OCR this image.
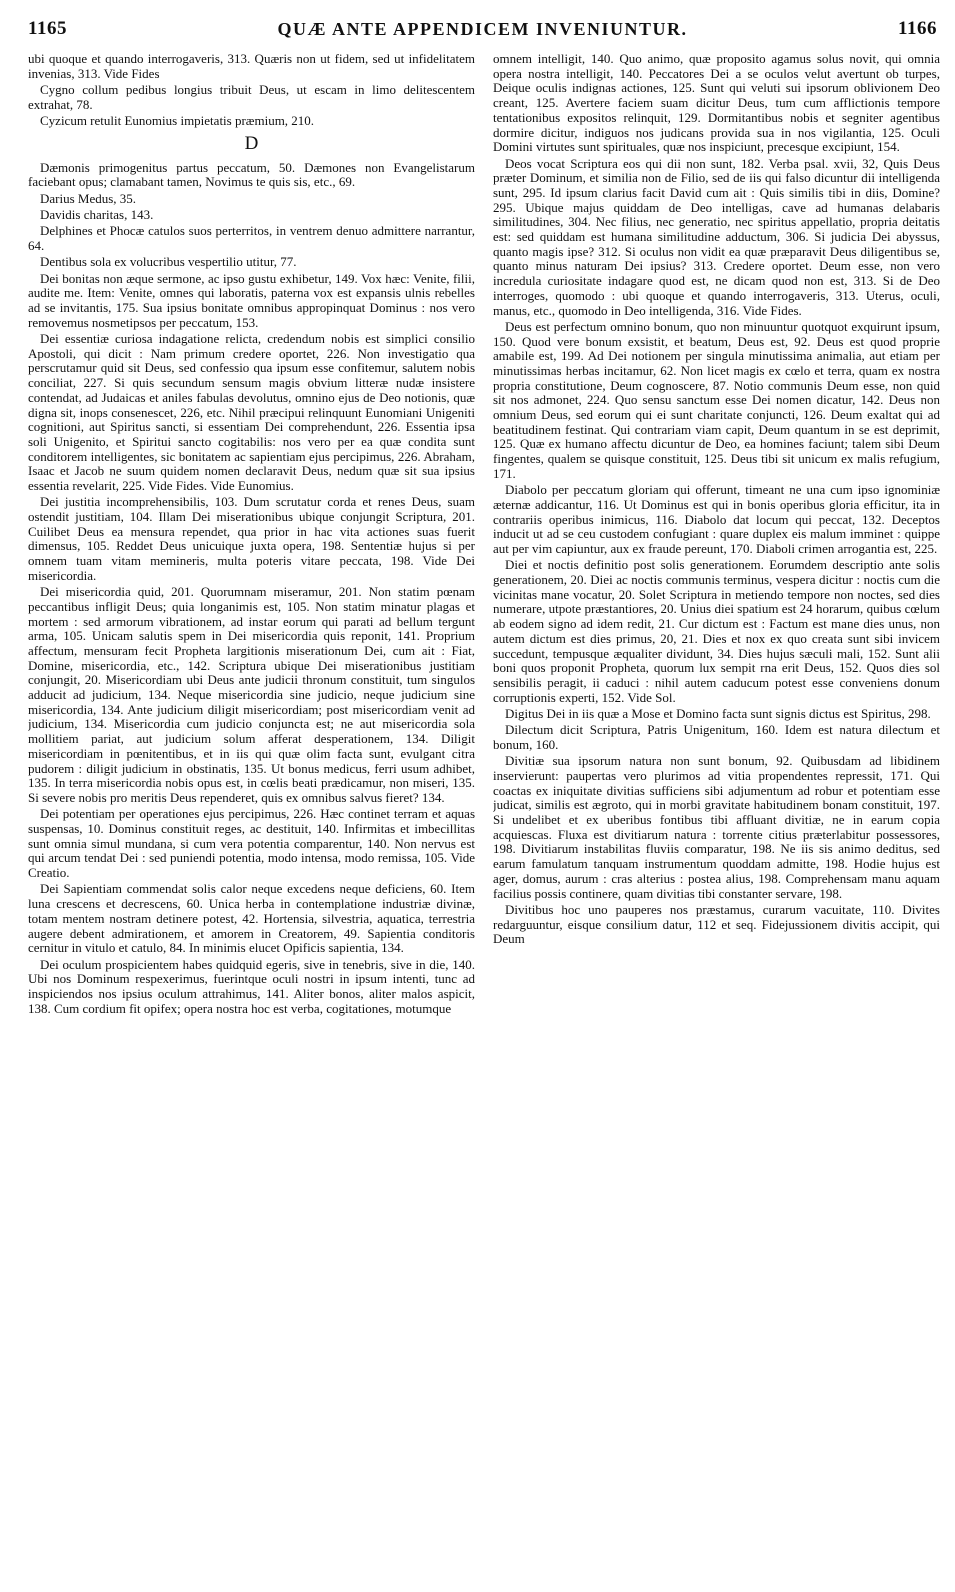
1165	QUÆ ANTE APPENDICEM INVENIUNTUR.	1166

ubi quoque et quando interrogaveris, 313. Quæris non ut fidem, sed ut infidelitatem invenias, 313. Vide Fides

Cygno collum pedibus longius tribuit Deus, ut escam in limo delitescentem extrahat, 78.

Cyzicum retulit Eunomius impietatis præmium, 210.

D

Dæmonis primogenitus partus peccatum, 50. Dæmones non Evangelistarum faciebant opus; clamabant tamen, Novimus te quis sis, etc., 69.

Darius Medus, 35.

Davidis charitas, 143.

Delphines et Phocæ catulos suos perterritos, in ventrem denuo admittere narrantur, 64.

Dentibus sola ex volucribus vespertilio utitur, 77.

Dei bonitas non æque sermone, ac ipso gustu exhibetur, 149. Vox hæc: Venite, filii, audite me. Item: Venite, omnes qui laboratis, paterna vox est expansis ulnis rebelles ad se invitantis, 175. Sua ipsius bonitate omnibus appropinquat Dominus : nos vero removemus nosmetipsos per peccatum, 153.

Dei essentiæ curiosa indagatione relicta, credendum nobis est simplici consilio Apostoli, qui dicit : Nam primum credere oportet, 226. Non investigatio qua perscrutamur quid sit Deus, sed confessio qua ipsum esse confitemur, salutem nobis conciliat, 227. Si quis secundum sensum magis obvium litteræ nudæ insistere contendat, ad Judaicas et aniles fabulas devolutus, omnino ejus de Deo notionis, quæ digna sit, inops consenescet, 226, etc. Nihil præcipui relinquunt Eunomiani Unigeniti cognitioni, aut Spiritus sancti, si essentiam Dei comprehendunt, 226. Essentia ipsa soli Unigenito, et Spiritui sancto cogitabilis: nos vero per ea quæ condita sunt conditorem intelligentes, sic bonitatem ac sapientiam ejus percipimus, 226. Abraham, Isaac et Jacob ne suum quidem nomen declaravit Deus, nedum quæ sit sua ipsius essentia revelarit, 225. Vide Fides. Vide Eunomius.

Dei justitia incomprehensibilis, 103. Dum scrutatur corda et renes Deus, suam ostendit justitiam, 104. Illam Dei miserationibus ubique conjungit Scriptura, 201. Cuilibet Deus ea mensura rependet, qua prior in hac vita actiones suas fuerit dimensus, 105. Reddet Deus unicuique juxta opera, 198. Sententiæ hujus si per omnem tuam vitam memineris, multa poteris vitare peccata, 198. Vide Dei misericordia.

Dei misericordia quid, 201. Quorumnam miseramur, 201. Non statim pœnam peccantibus infligit Deus; quia longanimis est, 105. Non statim minatur plagas et mortem : sed armorum vibrationem, ad instar eorum qui parati ad bellum tergunt arma, 105. Unicam salutis spem in Dei misericordia quis reponit, 141. Proprium affectum, mensuram fecit Propheta largitionis miserationum Dei, cum ait : Fiat, Domine, misericordia, etc., 142. Scriptura ubique Dei miserationibus justitiam conjungit, 20. Misericordiam ubi Deus ante judicii thronum constituit, tum singulos adducit ad judicium, 134. Neque misericordia sine judicio, neque judicium sine misericordia, 134. Ante judicium diligit misericordiam; post misericordiam venit ad judicium, 134. Misericordia cum judicio conjuncta est; ne aut misericordia sola mollitiem pariat, aut judicium solum afferat desperationem, 134. Diligit misericordiam in pœnitentibus, et in iis qui quæ olim facta sunt, evulgant citra pudorem : diligit judicium in obstinatis, 135. Ut bonus medicus, ferri usum adhibet, 135. In terra misericordia nobis opus est, in cœlis beati prædicamur, non miseri, 135. Si severe nobis pro meritis Deus rependeret, quis ex omnibus salvus fieret? 134.

Dei potentiam per operationes ejus percipimus, 226. Hæc continet terram et aquas suspensas, 10. Dominus constituit reges, ac destituit, 140. Infirmitas et imbecillitas sunt omnia simul mundana, si cum vera potentia comparentur, 140. Non nervus est qui arcum tendat Dei : sed puniendi potentia, modo intensa, modo remissa, 105. Vide Creatio.

Dei Sapientiam commendat solis calor neque excedens neque deficiens, 60. Item luna crescens et decrescens, 60. Unica herba in contemplatione industriæ divinæ, totam mentem nostram detinere potest, 42. Hortensia, silvestria, aquatica, terrestria augere debent admirationem, et amorem in Creatorem, 49. Sapientia conditoris cernitur in vitulo et catulo, 84. In minimis elucet Opificis sapientia, 134.

Dei oculum prospicientem habes quidquid egeris, sive in tenebris, sive in die, 140. Ubi nos Dominum respexerimus, fuerintque oculi nostri in ipsum intenti, tunc ad inspiciendos nos ipsius oculum attrahimus, 141. Aliter bonos, aliter malos aspicit, 138. Cum cordium fit opifex; opera nostra hoc est verba, cogitationes, motumque

omnem intelligit, 140. Quo animo, quæ proposito agamus solus novit, qui omnia opera nostra intelligit, 140. Peccatores Dei a se oculos velut avertunt ob turpes, Deique oculis indignas actiones, 125. Sunt qui veluti sui ipsorum oblivionem Deo creant, 125. Avertere faciem suam dicitur Deus, tum cum afflictionis tempore tentationibus expositos relinquit, 129. Dormitantibus nobis et segniter agentibus dormire dicitur, indiguos nos judicans provida sua in nos vigilantia, 125. Oculi Domini virtutes sunt spirituales, quæ nos inspiciunt, precesque excipiunt, 154.

Deos vocat Scriptura eos qui dii non sunt, 182. Verba psal. xvii, 32, Quis Deus præter Dominum, et similia non de Filio, sed de iis qui falso dicuntur dii intelligenda sunt, 295. Id ipsum clarius facit David cum ait : Quis similis tibi in diis, Domine? 295. Ubique majus quiddam de Deo intelligas, cave ad humanas delabaris similitudines, 304. Nec filius, nec generatio, nec spiritus appellatio, propria deitatis est: sed quiddam est humana similitudine adductum, 306. Si judicia Dei abyssus, quanto magis ipse? 312. Si oculus non vidit ea quæ præparavit Deus diligentibus se, quanto minus naturam Dei ipsius? 313. Credere oportet. Deum esse, non vero incredula curiositate indagare quod est, ne dicam quod non est, 313. Si de Deo interroges, quomodo : ubi quoque et quando interrogaveris, 313. Uterus, oculi, manus, etc., quomodo in Deo intelligenda, 316. Vide Fides.

Deus est perfectum omnino bonum, quo non minuuntur quotquot exquirunt ipsum, 150. Quod vere bonum exsistit, et beatum, Deus est, 92. Deus est quod proprie amabile est, 199. Ad Dei notionem per singula minutissima animalia, aut etiam per minutissimas herbas incitamur, 62. Non licet magis ex cœlo et terra, quam ex nostra propria constitutione, Deum cognoscere, 87. Notio communis Deum esse, non quid sit nos admonet, 224. Quo sensu sanctum esse Dei nomen dicatur, 142. Deus non omnium Deus, sed eorum qui ei sunt charitate conjuncti, 126. Deum exaltat qui ad beatitudinem festinat. Qui contrariam viam capit, Deum quantum in se est deprimit, 125. Quæ ex humano affectu dicuntur de Deo, ea homines faciunt; talem sibi Deum fingentes, qualem se quisque constituit, 125. Deus tibi sit unicum ex malis refugium, 171.

Diabolo per peccatum gloriam qui offerunt, timeant ne una cum ipso ignominiæ æternæ addicantur, 116. Ut Dominus est qui in bonis operibus gloria efficitur, ita in contrariis operibus inimicus, 116. Diabolo dat locum qui peccat, 132. Deceptos inducit ut ad se ceu custodem confugiant : quare duplex eis malum imminet : quippe aut per vim capiuntur, aux ex fraude pereunt, 170. Diaboli crimen arrogantia est, 225.

Diei et noctis definitio post solis generationem. Eorumdem descriptio ante solis generationem, 20. Diei ac noctis communis terminus, vespera dicitur : noctis cum die vicinitas mane vocatur, 20. Solet Scriptura in metiendo tempore non noctes, sed dies numerare, utpote præstantiores, 20. Unius diei spatium est 24 horarum, quibus cœlum ab eodem signo ad idem redit, 21. Cur dictum est : Factum est mane dies unus, non autem dictum est dies primus, 20, 21. Dies et nox ex quo creata sunt sibi invicem succedunt, tempusque æqualiter dividunt, 34. Dies hujus sæculi mali, 152. Sunt alii boni quos proponit Propheta, quorum lux sempit rna erit Deus, 152. Quos dies sol sensibilis peragit, ii caduci : nihil autem caducum potest esse conveniens donum corruptionis experti, 152. Vide Sol.

Digitus Dei in iis quæ a Mose et Domino facta sunt signis dictus est Spiritus, 298.

Dilectum dicit Scriptura, Patris Unigenitum, 160. Idem est natura dilectum et bonum, 160.

Divitiæ sua ipsorum natura non sunt bonum, 92. Quibusdam ad libidinem inservierunt: paupertas vero plurimos ad vitia propendentes repressit, 171. Qui coactas ex iniquitate divitias sufficiens sibi adjumentum ad robur et potentiam esse judicat, similis est ægroto, qui in morbi gravitate habitudinem bonam constituit, 197. Si undelibet et ex uberibus fontibus tibi affluant divitiæ, ne in earum copia acquiescas. Fluxa est divitiarum natura : torrente citius præterlabitur possessores, 198. Divitiarum instabilitas fluviis comparatur, 198. Ne iis sis animo deditus, sed earum famulatum tanquam instrumentum quoddam admitte, 198. Hodie hujus est ager, domus, aurum : cras alterius : postea alius, 198. Comprehensam manu aquam facilius possis continere, quam divitias tibi constanter servare, 198.

Divitibus hoc uno pauperes nos præstamus, curarum vacuitate, 110. Divites redarguuntur, eisque consilium datur, 112 et seq. Fidejussionem divitis accipit, qui Deum
